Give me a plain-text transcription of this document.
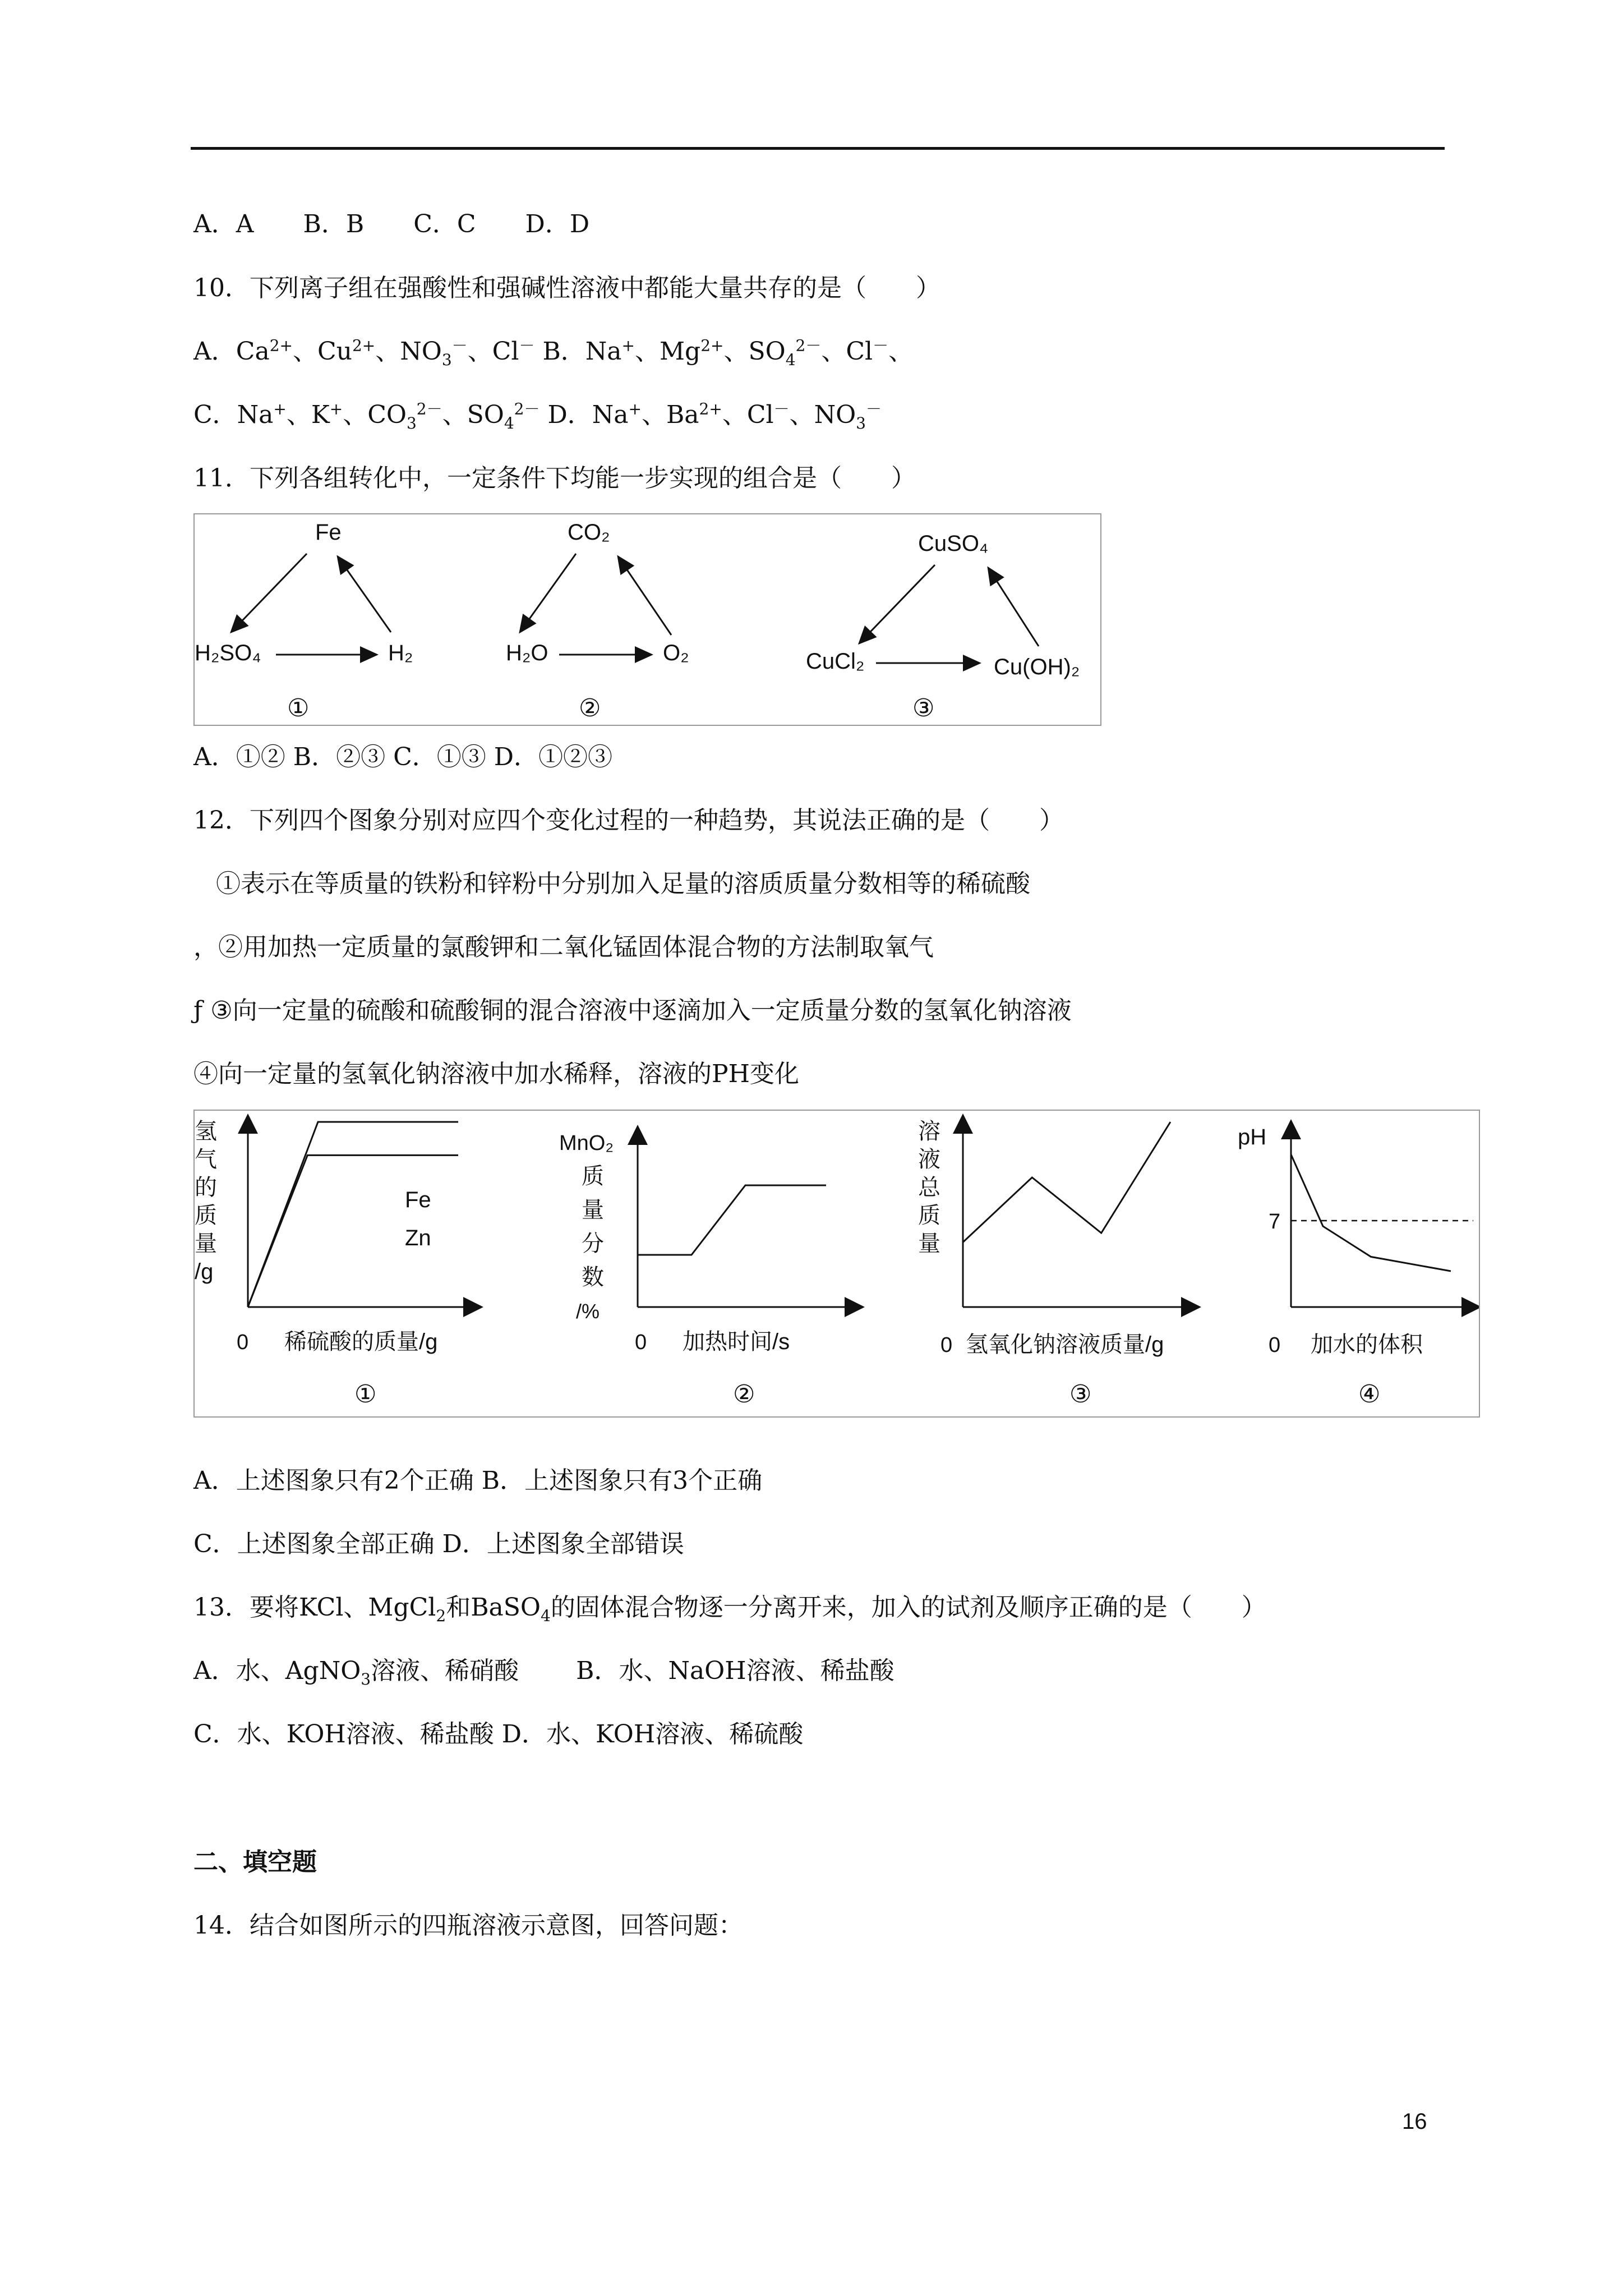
A．A　　B．B　　C．C　　D．D
10．下列离子组在强酸性和强碱性溶液中都能大量共存的是（　　）
A．$Ca^{2+}$、$Cu^{2+}$、$NO_3^-$、Cl－ B．Na+、$Mg^{2+}$、$SO_4^{2-}$、Cl－、
C．Na+、K+、$CO_3^{2-}$、$SO_4^{2-}$ D．Na+、$Ba^{2+}$、Cl－、$NO_3^-$
11．下列各组转化中，一定条件下均能一步实现的组合是（　　）
Fe
H₂SO₄	H₂
①
CO₂
H₂O	O₂
②
CuSO₄
CuCl₂	Cu(OH)₂
③
A．①② B．②③ C．①③ D．①②③
12．下列四个图象分别对应四个变化过程的一种趋势，其说法正确的是（　　）
①表示在等质量的铁粉和锌粉中分别加入足量的溶质质量分数相等的稀硫酸
，②用加热一定质量的氯酸钾和二氧化锰固体混合物的方法制取氧气
ƒ ③向一定量的硫酸和硫酸铜的混合溶液中逐滴加入一定质量分数的氢氧化钠溶液
④向一定量的氢氧化钠溶液中加水稀释，溶液的PH变化
氢
气
的
质
量
/g
0 稀硫酸的质量/g
Fe
Zn
①
MnO₂
质
量
分
数
/%
0 加热时间/s
②
溶
液
总
质
量
0 氢氧化钠溶液质量/g
③
pH
7
0 加水的体积
④
A．上述图象只有2个正确 B．上述图象只有3个正确
C．上述图象全部正确 D．上述图象全部错误
13．要将KCl、MgCl$_2$和BaSO$_4$的固体混合物逐一分离开来，加入的试剂及顺序正确的是（　　）
A．水、AgNO$_3$溶液、稀硝酸　　 B．水、NaOH溶液、稀盐酸
C．水、KOH溶液、稀盐酸 D．水、KOH溶液、稀硫酸
二、填空题
14．结合如图所示的四瓶溶液示意图，回答问题：
16
